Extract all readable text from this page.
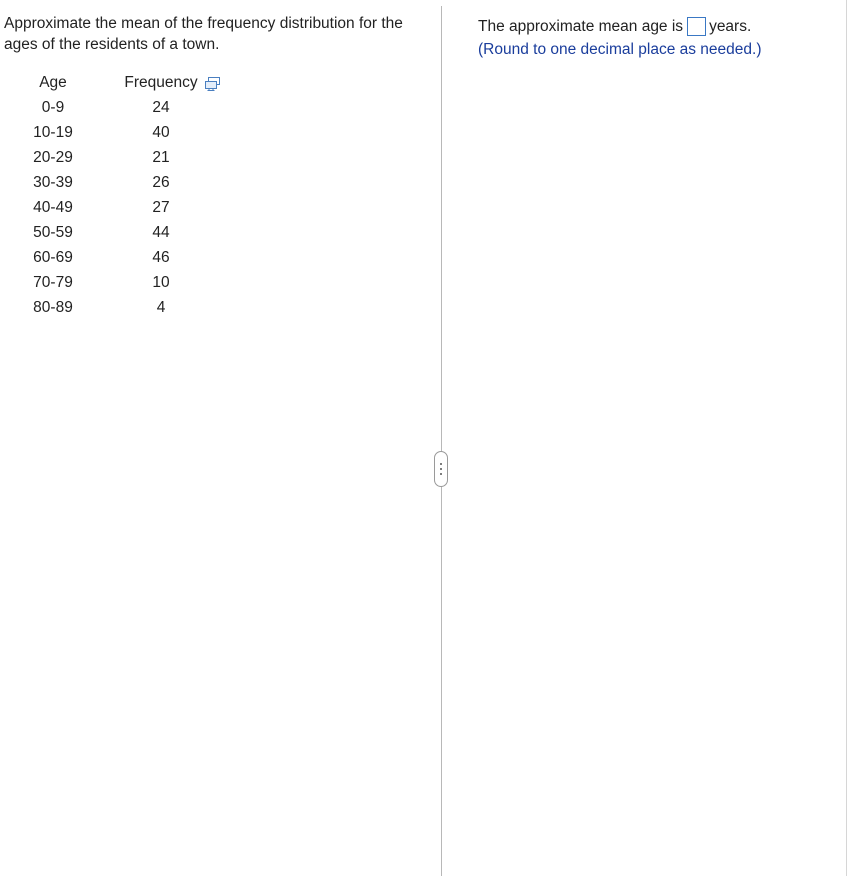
Approximate the mean of the frequency distribution for the ages of the residents of a town.
Age	Frequency
0-9	24
10-19	40
20-29	21
30-39	26
40-49	27
50-59	44
60-69	46
70-79	10
80-89	4
The approximate mean age is years.
(Round to one decimal place as needed.)
